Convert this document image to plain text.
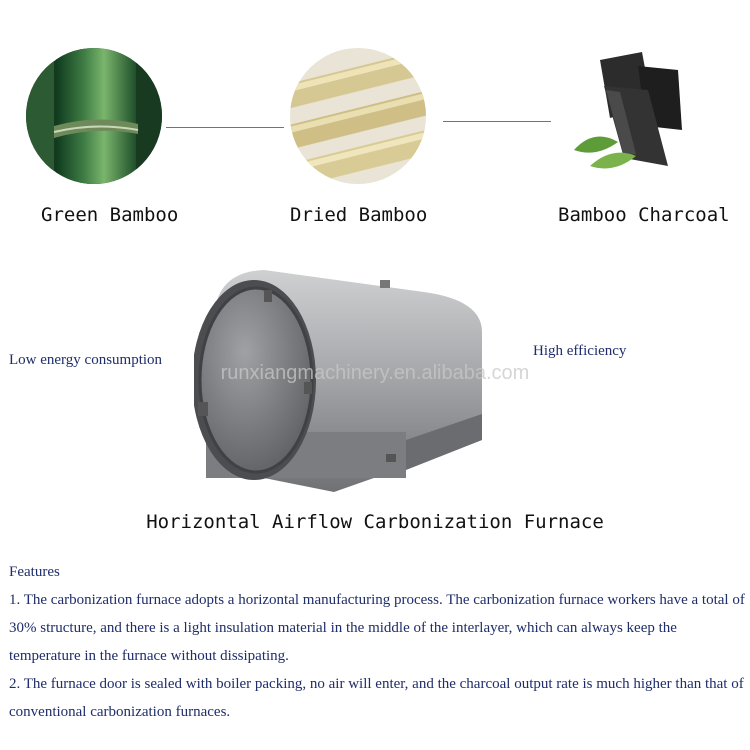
Green Bamboo	Dried Bamboo	Bamboo Charcoal
Low energy consumption
High efficiency
runxiangmachinery.en.alibaba.com
Horizontal Airflow Carbonization Furnace

Features

1. The carbonization furnace adopts a horizontal manufacturing process. The carbonization furnace workers have a total of 30% structure, and there is a light insulation material in the middle of the interlayer, which can always keep the temperature in the furnace without dissipating.

2. The furnace door is sealed with boiler packing, no air will enter, and the charcoal output rate is much higher than that of conventional carbonization furnaces.
